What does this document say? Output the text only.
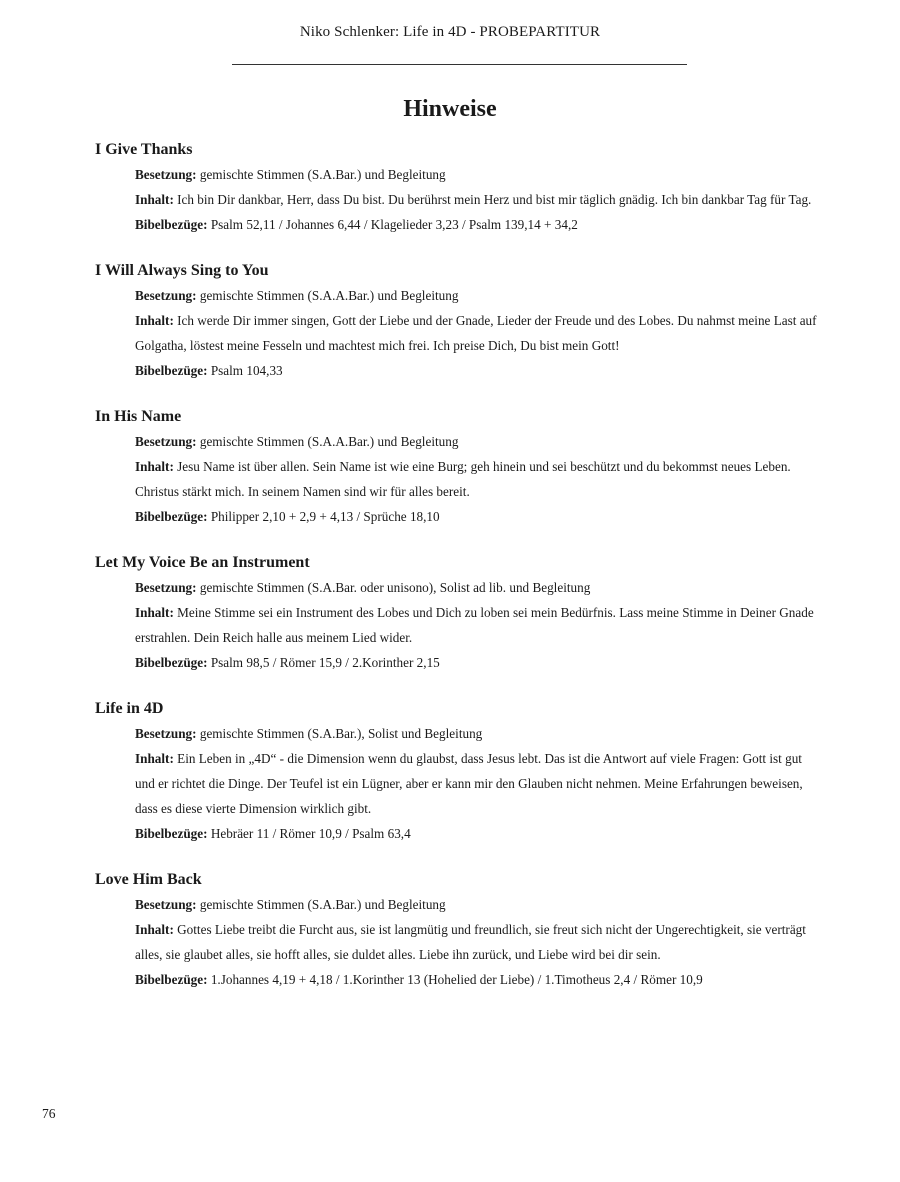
Niko Schlenker: Life in 4D - PROBEPARTITUR
Hinweise
I Give Thanks

Besetzung: gemischte Stimmen (S.A.Bar.) und Begleitung

Inhalt: Ich bin Dir dankbar, Herr, dass Du bist. Du berührst mein Herz und bist mir täglich gnädig. Ich bin dankbar Tag für Tag.

Bibelbezüge: Psalm 52,11 / Johannes 6,44 / Klagelieder 3,23 / Psalm 139,14 + 34,2

I Will Always Sing to You

Besetzung: gemischte Stimmen (S.A.A.Bar.) und Begleitung

Inhalt: Ich werde Dir immer singen, Gott der Liebe und der Gnade, Lieder der Freude und des Lobes. Du nahmst meine Last auf Golgatha, löstest meine Fesseln und machtest mich frei. Ich preise Dich, Du bist mein Gott!

Bibelbezüge: Psalm 104,33

In His Name

Besetzung: gemischte Stimmen (S.A.A.Bar.) und Begleitung

Inhalt: Jesu Name ist über allen. Sein Name ist wie eine Burg; geh hinein und sei beschützt und du bekommst neues Leben. Christus stärkt mich. In seinem Namen sind wir für alles bereit.

Bibelbezüge: Philipper 2,10 + 2,9 + 4,13 / Sprüche 18,10

Let My Voice Be an Instrument

Besetzung: gemischte Stimmen (S.A.Bar. oder unisono), Solist ad lib. und Begleitung

Inhalt: Meine Stimme sei ein Instrument des Lobes und Dich zu loben sei mein Bedürfnis. Lass meine Stimme in Deiner Gnade erstrahlen. Dein Reich halle aus meinem Lied wider.

Bibelbezüge: Psalm 98,5 / Römer 15,9 / 2.Korinther 2,15

Life in 4D

Besetzung: gemischte Stimmen (S.A.Bar.), Solist und Begleitung

Inhalt: Ein Leben in „4D“ - die Dimension wenn du glaubst, dass Jesus lebt. Das ist die Antwort auf viele Fragen: Gott ist gut und er richtet die Dinge. Der Teufel ist ein Lügner, aber er kann mir den Glauben nicht nehmen. Meine Erfahrungen beweisen, dass es diese vierte Dimension wirklich gibt.

Bibelbezüge: Hebräer 11 / Römer 10,9 / Psalm 63,4

Love Him Back

Besetzung: gemischte Stimmen (S.A.Bar.) und Begleitung

Inhalt: Gottes Liebe treibt die Furcht aus, sie ist langmütig und freundlich, sie freut sich nicht der Ungerechtigkeit, sie verträgt alles, sie glaubet alles, sie hofft alles, sie duldet alles. Liebe ihn zurück, und Liebe wird bei dir sein.

Bibelbezüge: 1.Johannes 4,19 + 4,18 / 1.Korinther 13 (Hohelied der Liebe) / 1.Timotheus 2,4 / Römer 10,9

76
